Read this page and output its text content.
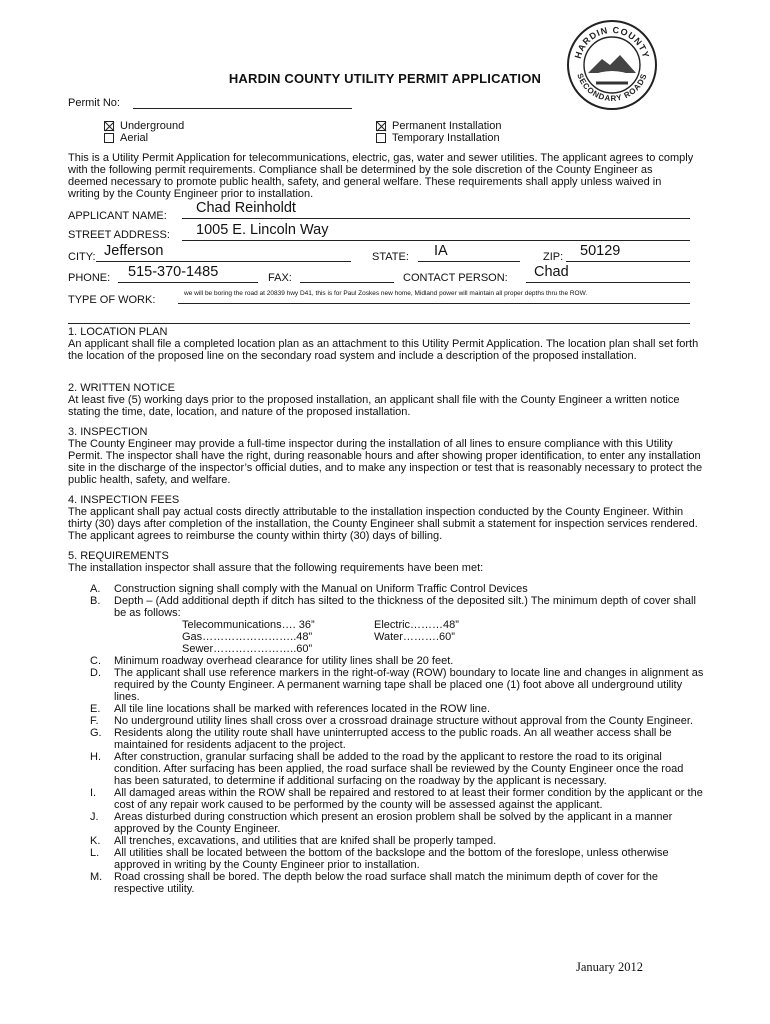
HARDIN COUNTY UTILITY PERMIT APPLICATION
HARDIN COUNTY
SECONDARY ROADS
Permit No:
Underground
Aerial
Permanent Installation
Temporary Installation
This is a Utility Permit Application for telecommunications, electric, gas, water and sewer utilities. The applicant agrees to comply with the following permit requirements. Compliance shall be determined by the sole discretion of the County Engineer as deemed necessary to promote public health, safety, and general welfare. These requirements shall apply unless waived in writing by the County Engineer prior to installation.
APPLICANT NAME: Chad Reinholdt
STREET ADDRESS: 1005 E. Lincoln Way
CITY: Jefferson	STATE: IA	ZIP: 50129
PHONE: 515-370-1485	FAX:	CONTACT PERSON: Chad
TYPE OF WORK:
we will be boring the road at 20839 hwy D41, this is for Paul Zoskes new home, Midland power will maintain all proper depths thru the ROW.
1. LOCATION PLAN
An applicant shall file a completed location plan as an attachment to this Utility Permit Application. The location plan shall set forth the location of the proposed line on the secondary road system and include a description of the proposed installation.
2. WRITTEN NOTICE
At least five (5) working days prior to the proposed installation, an applicant shall file with the County Engineer a written notice stating the time, date, location, and nature of the proposed installation.
3. INSPECTION
The County Engineer may provide a full-time inspector during the installation of all lines to ensure compliance with this Utility Permit. The inspector shall have the right, during reasonable hours and after showing proper identification, to enter any installation site in the discharge of the inspector’s official duties, and to make any inspection or test that is reasonably necessary to protect the public health, safety, and welfare.
4. INSPECTION FEES
The applicant shall pay actual costs directly attributable to the installation inspection conducted by the County Engineer. Within thirty (30) days after completion of the installation, the County Engineer shall submit a statement for inspection services rendered. The applicant agrees to reimburse the county within thirty (30) days of billing.
5. REQUIREMENTS
The installation inspector shall assure that the following requirements have been met:
A. Construction signing shall comply with the Manual on Uniform Traffic Control Devices
B. Depth – (Add additional depth if ditch has silted to the thickness of the deposited silt.) The minimum depth of cover shall be as follows:
Telecommunications…. 36”	Electric………48”
Gas……………………..48”	Water……….60”
Sewer…………………..60”
C. Minimum roadway overhead clearance for utility lines shall be 20 feet.
D. The applicant shall use reference markers in the right-of-way (ROW) boundary to locate line and changes in alignment as required by the County Engineer. A permanent warning tape shall be placed one (1) foot above all underground utility lines.
E. All tile line locations shall be marked with references located in the ROW line.
F. No underground utility lines shall cross over a crossroad drainage structure without approval from the County Engineer.
G. Residents along the utility route shall have uninterrupted access to the public roads. An all weather access shall be maintained for residents adjacent to the project.
H. After construction, granular surfacing shall be added to the road by the applicant to restore the road to its original condition. After surfacing has been applied, the road surface shall be reviewed by the County Engineer once the road has been saturated, to determine if additional surfacing on the roadway by the applicant is necessary.
I. All damaged areas within the ROW shall be repaired and restored to at least their former condition by the applicant or the cost of any repair work caused to be performed by the county will be assessed against the applicant.
J. Areas disturbed during construction which present an erosion problem shall be solved by the applicant in a manner approved by the County Engineer.
K. All trenches, excavations, and utilities that are knifed shall be properly tamped.
L. All utilities shall be located between the bottom of the backslope and the bottom of the foreslope, unless otherwise approved in writing by the County Engineer prior to installation.
M. Road crossing shall be bored. The depth below the road surface shall match the minimum depth of cover for the respective utility.
January 2012
